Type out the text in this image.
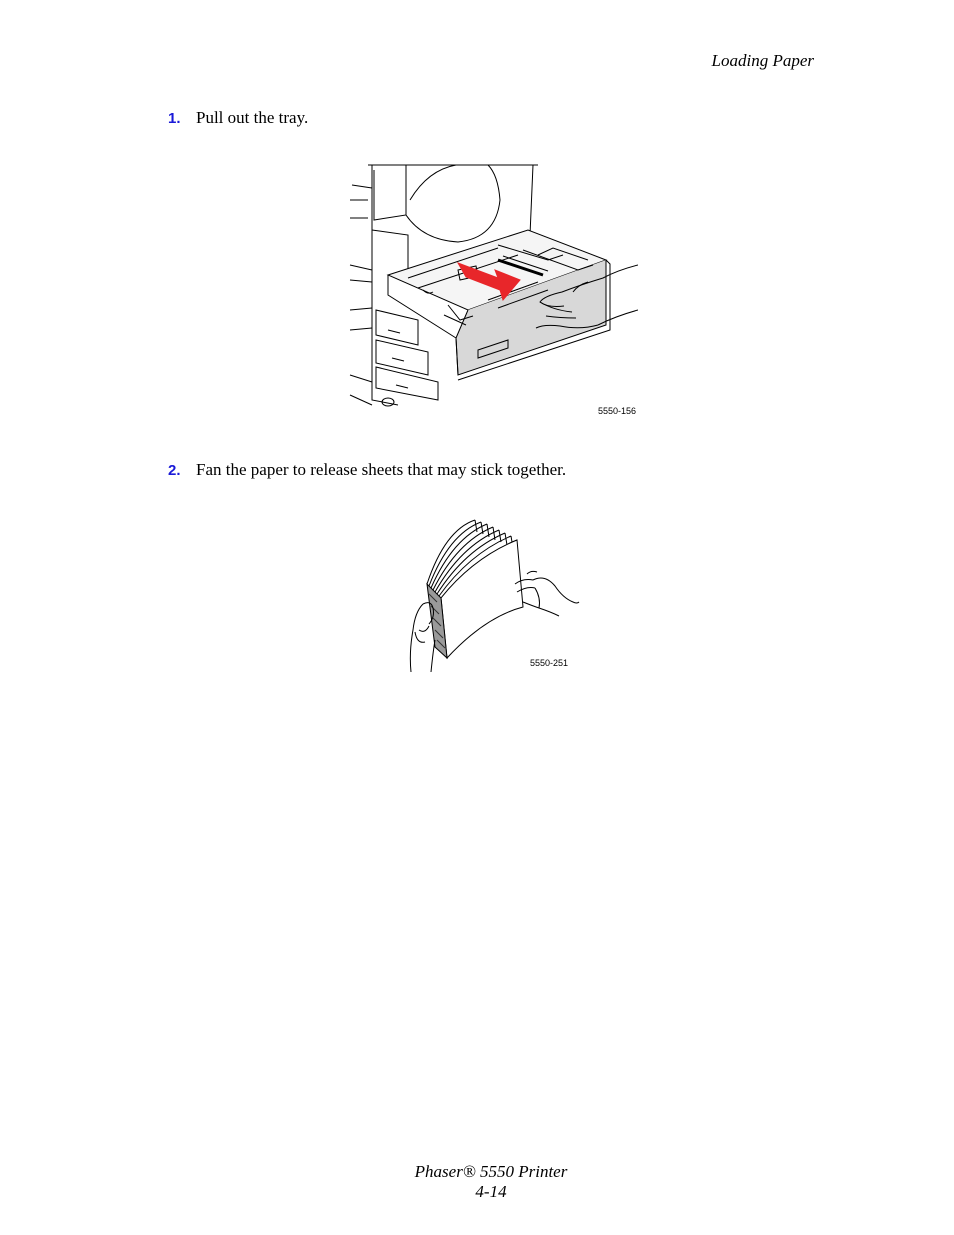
Loading Paper
1. Pull out the tray.
5550-156
2. Fan the paper to release sheets that may stick together.
5550-251
Phaser® 5550 Printer
4-14
